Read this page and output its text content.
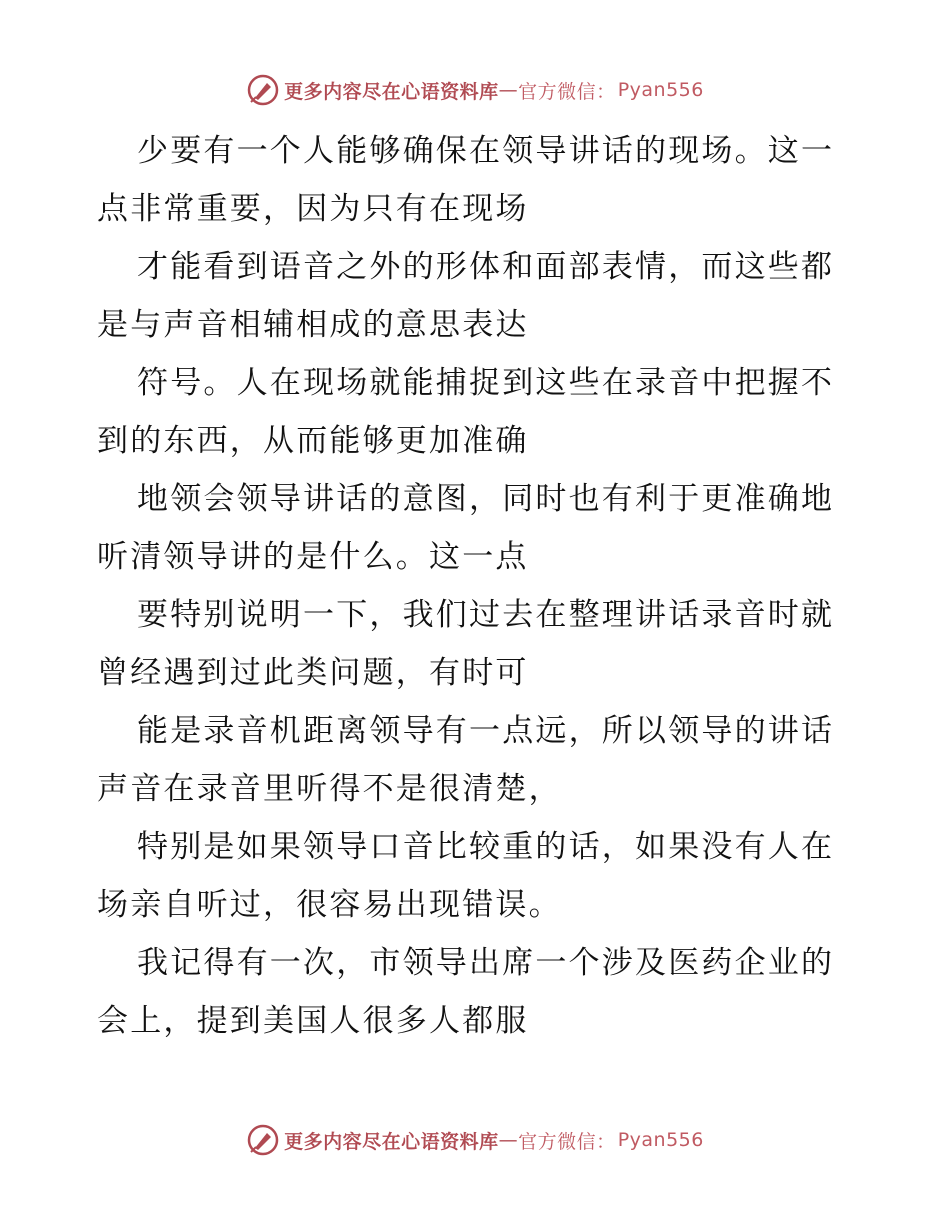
更多内容尽在心语资料库 — 官方微信： Pyan556

少要有一个人能够确保在领导讲话的现场。这一
点非常重要，因为只有在现场

才能看到语音之外的形体和面部表情，而这些都
是与声音相辅相成的意思表达

符号。人在现场就能捕捉到这些在录音中把握不
到的东西，从而能够更加准确

地领会领导讲话的意图，同时也有利于更准确地
听清领导讲的是什么。这一点

要特别说明一下，我们过去在整理讲话录音时就
曾经遇到过此类问题，有时可

能是录音机距离领导有一点远，所以领导的讲话
声音在录音里听得不是很清楚，

特别是如果领导口音比较重的话，如果没有人在
场亲自听过，很容易出现错误。

我记得有一次，市领导出席一个涉及医药企业的
会上，提到美国人很多人都服

更多内容尽在心语资料库 — 官方微信： Pyan556
